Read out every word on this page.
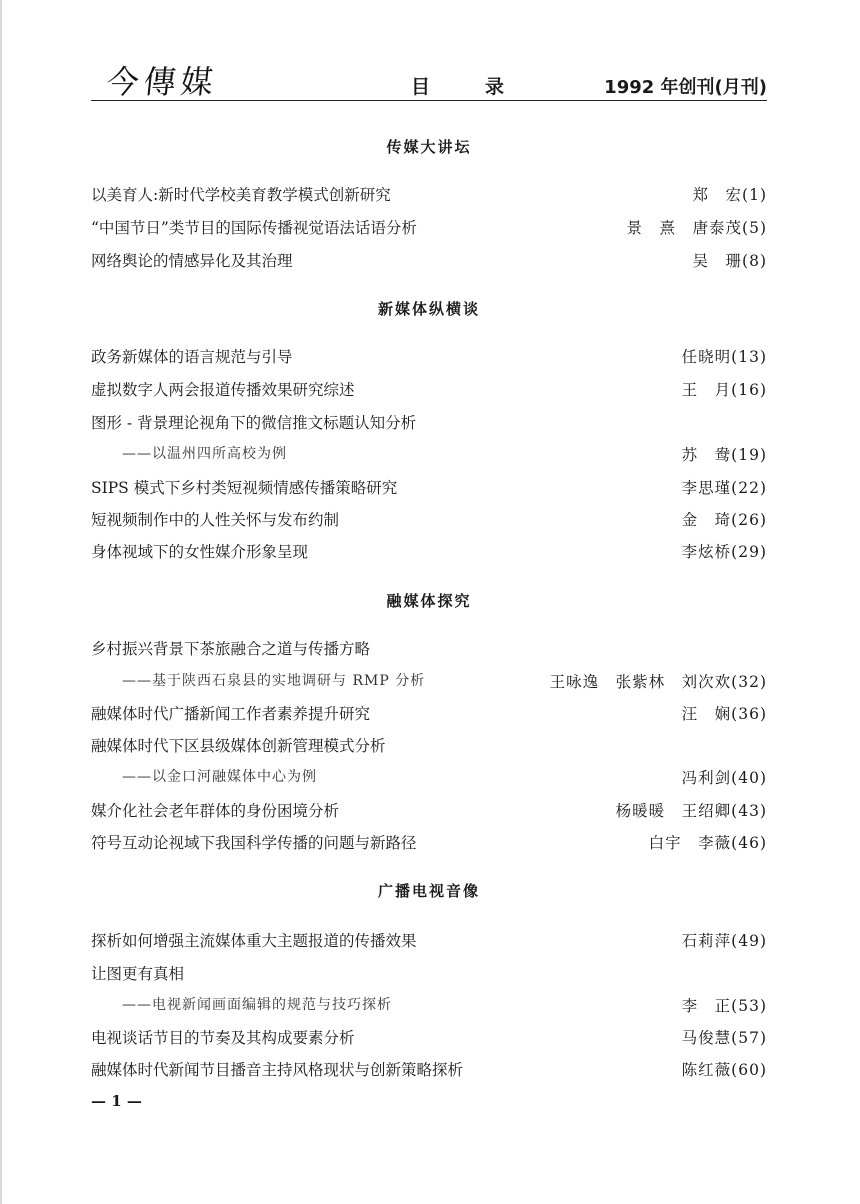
今傳媒	目　录	1992 年创刊(月刊)
传媒大讲坛
以美育人:新时代学校美育教学模式创新研究	郑　宏(1)
“中国节日”类节目的国际传播视觉语法话语分析	景　熹　唐泰茂(5)
网络舆论的情感异化及其治理	吴　珊(8)
新媒体纵横谈
政务新媒体的语言规范与引导	任晓明(13)
虚拟数字人两会报道传播效果研究综述	王　月(16)
图形 - 背景理论视角下的微信推文标题认知分析
——以温州四所高校为例	苏　鸯(19)
SIPS 模式下乡村类短视频情感传播策略研究	李思瑾(22)
短视频制作中的人性关怀与发布约制	金　琦(26)
身体视域下的女性媒介形象呈现	李炫桥(29)
融媒体探究
乡村振兴背景下茶旅融合之道与传播方略
——基于陕西石泉县的实地调研与 RMP 分析	王咏逸　张紫林　刘次欢(32)
融媒体时代广播新闻工作者素养提升研究	汪　娴(36)
融媒体时代下区县级媒体创新管理模式分析
——以金口河融媒体中心为例	冯利剑(40)
媒介化社会老年群体的身份困境分析	杨暖暖　王绍卿(43)
符号互动论视域下我国科学传播的问题与新路径	白宇　李薇(46)
广播电视音像
探析如何增强主流媒体重大主题报道的传播效果	石莉萍(49)
让图更有真相
——电视新闻画面编辑的规范与技巧探析	李　正(53)
电视谈话节目的节奏及其构成要素分析	马俊慧(57)
融媒体时代新闻节目播音主持风格现状与创新策略探析	陈红薇(60)
— 1 —
